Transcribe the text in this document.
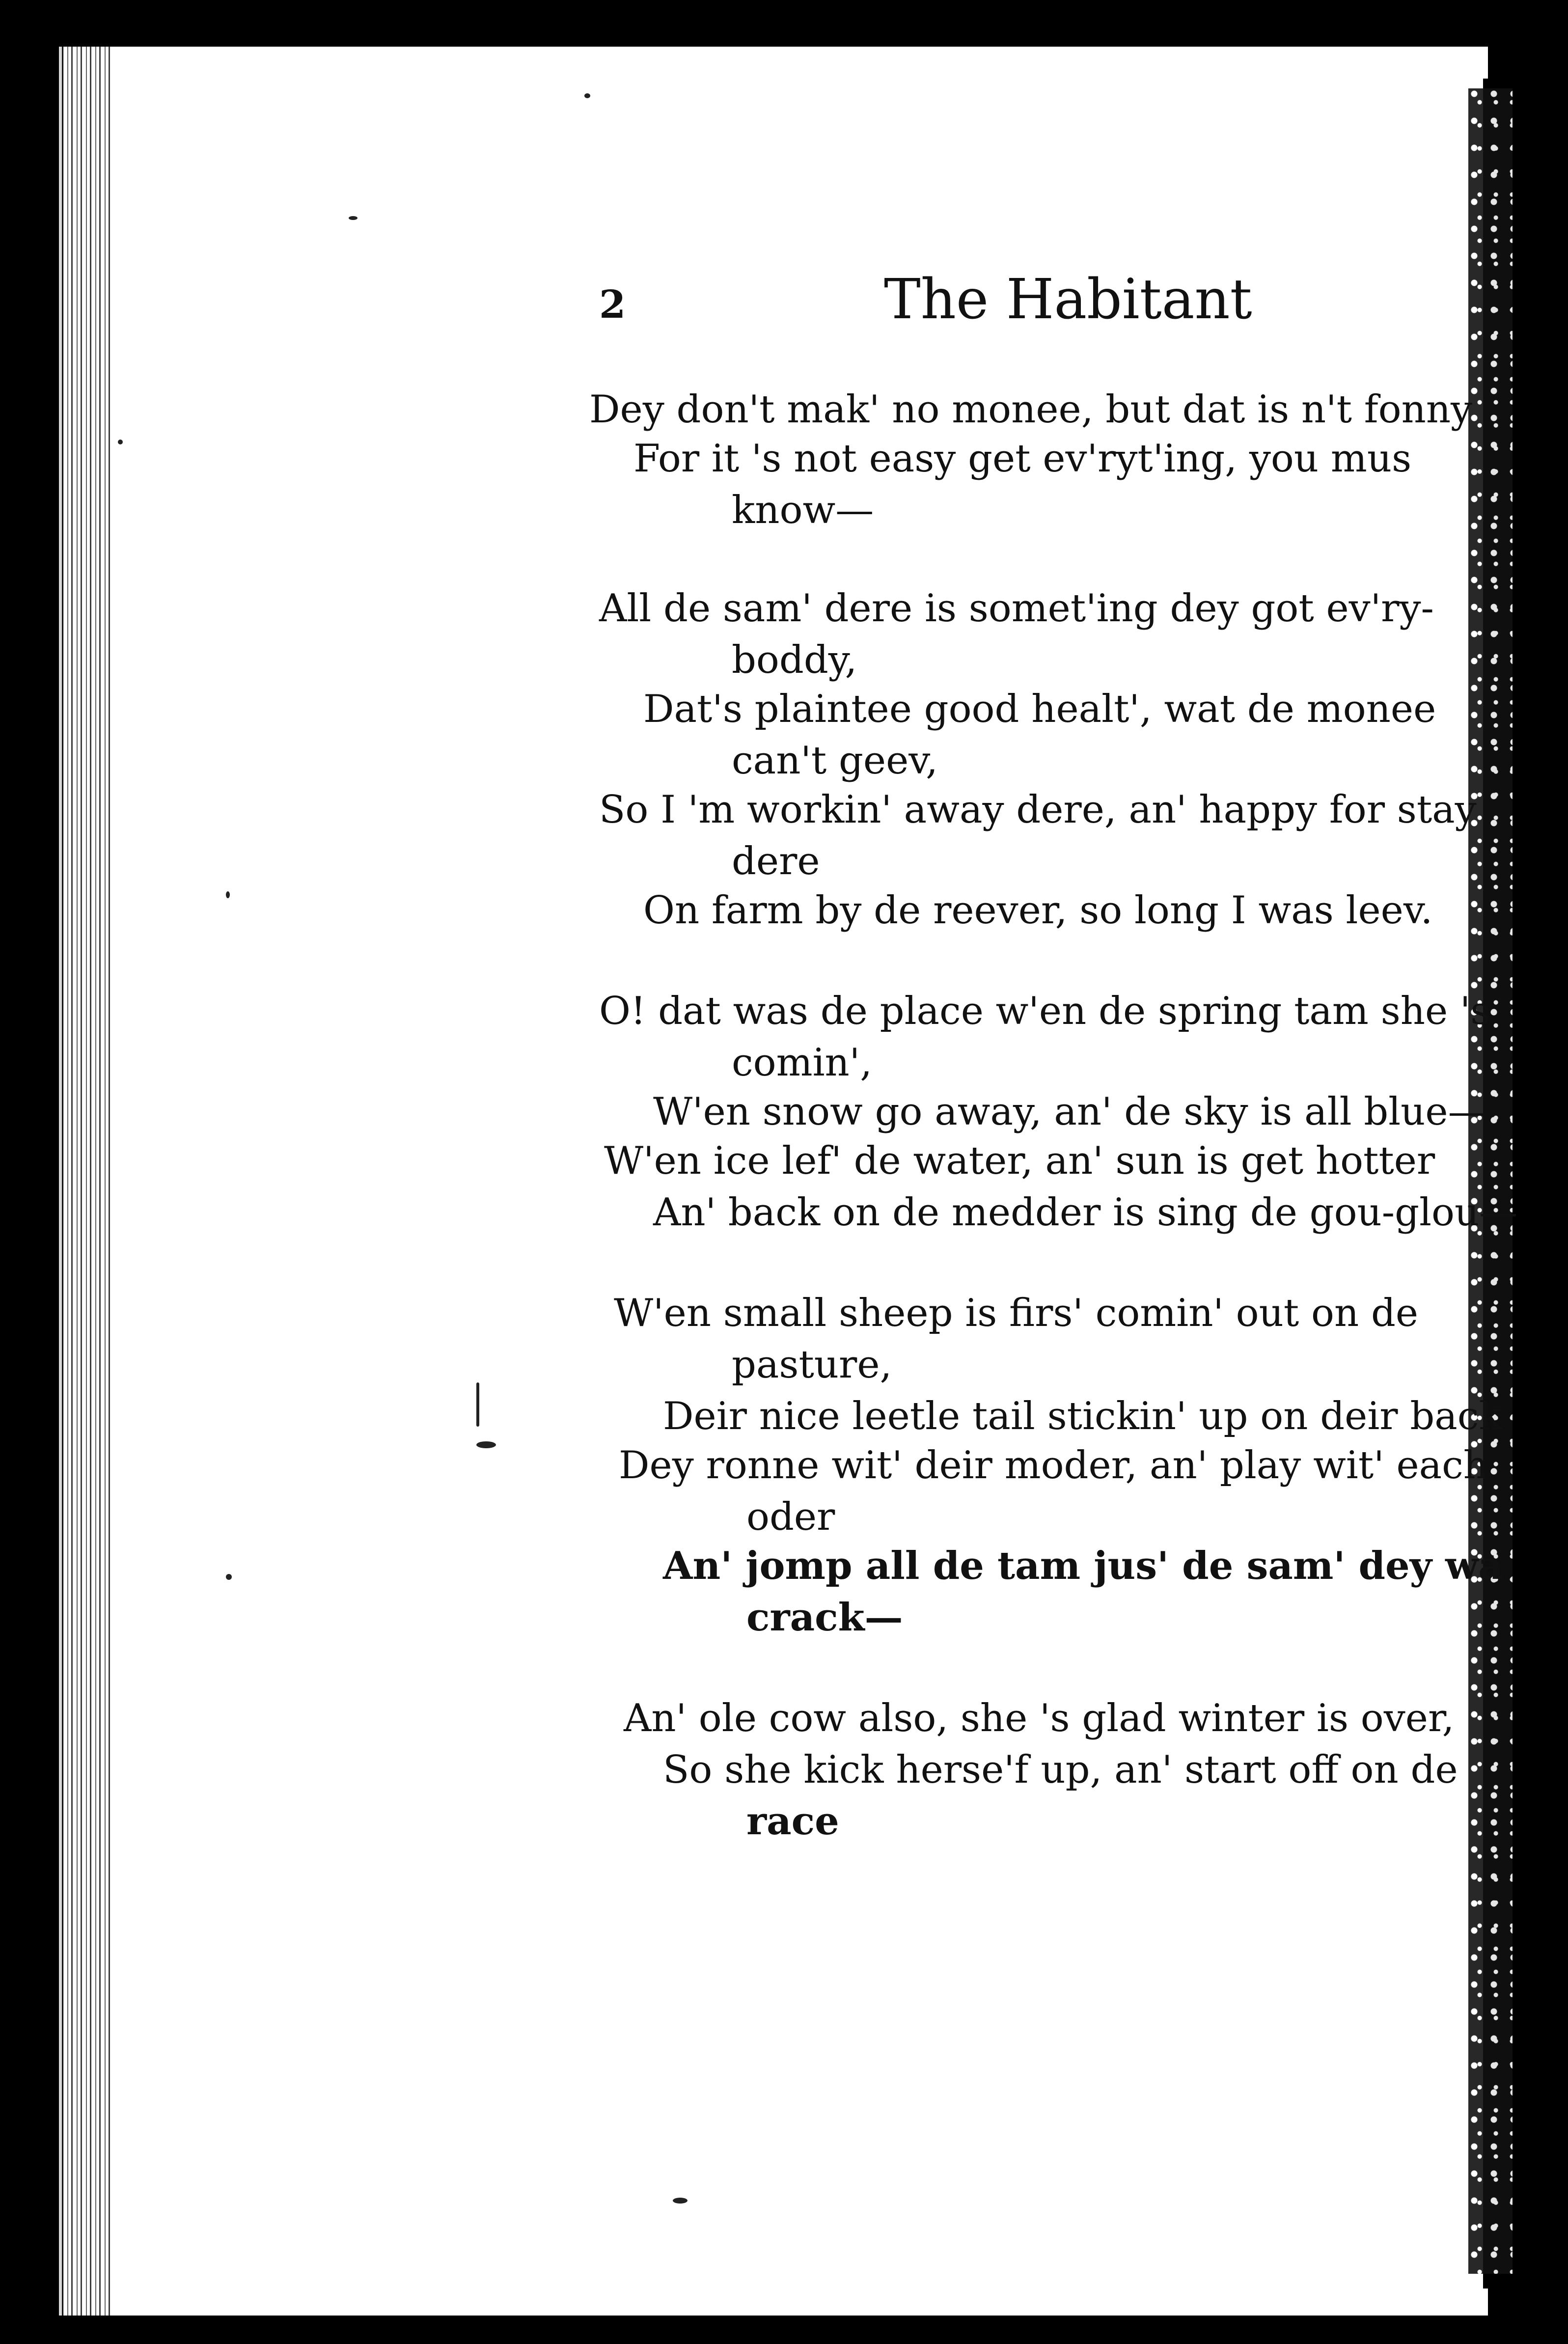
2	The Habitant
Dey don't mak' no monee, but dat is n't fonny
For it 's not easy get ev'ryt'ing, you mus
know—
All de sam' dere is somet'ing dey got ev'ry-
boddy,
Dat's plaintee good healt', wat de monee
can't geev,
So I 'm workin' away dere, an' happy for stay
dere
On farm by de reever, so long I was leev.
O! dat was de place w'en de spring tam she 's
comin',
W'en snow go away, an' de sky is all blue—
W'en ice lef' de water, an' sun is get hotter
An' back on de medder is sing de gou-glou—
W'en small sheep is firs' comin' out on de
pasture,
Deir nice leetle tail stickin' up on deir back
Dey ronne wit' deir moder, an' play wit' each
oder
An' jomp all de tam jus' de sam' dey wa
crack—
An' ole cow also, she 's glad winter is over,
So she kick herse'f up, an' start off on de
race
